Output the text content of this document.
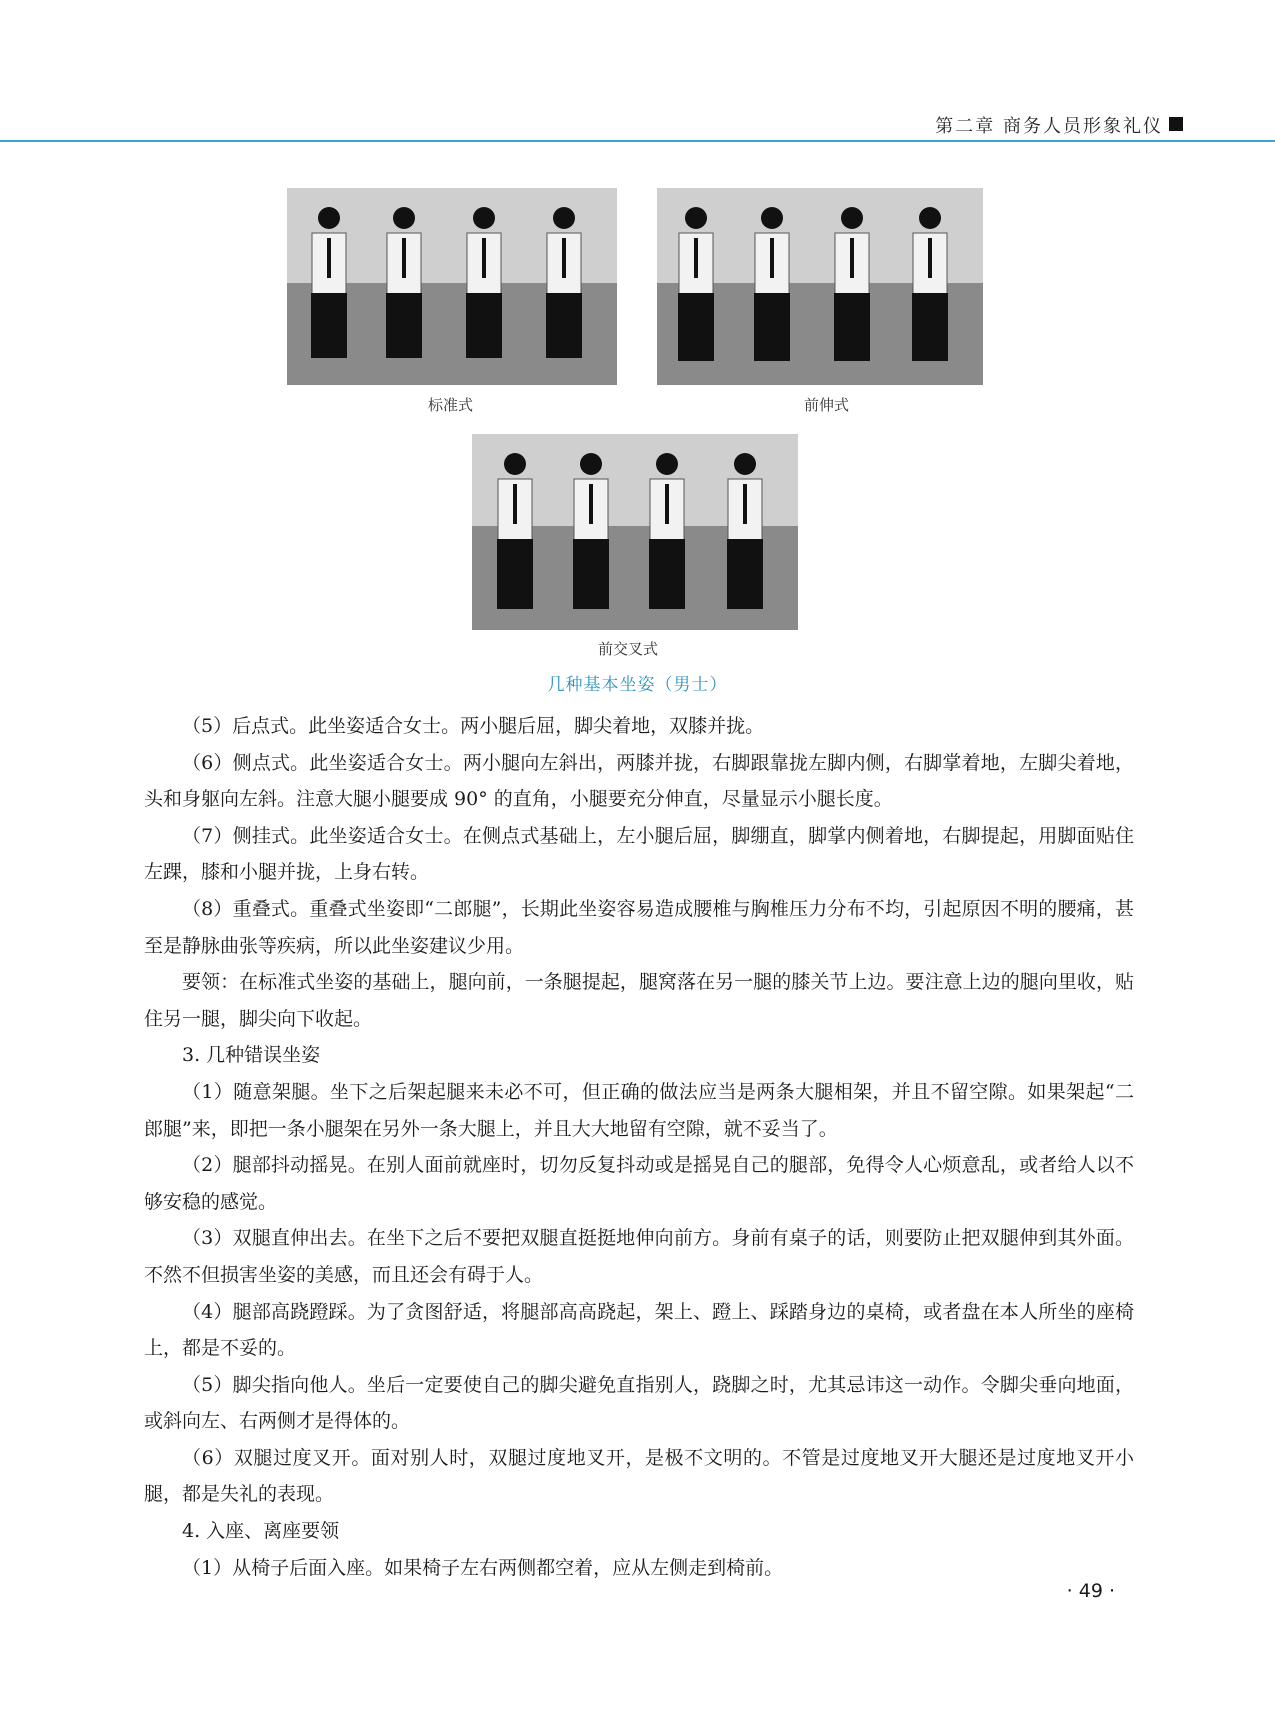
第二章 商务人员形象礼仪
标准式	前伸式
前交叉式
几种基本坐姿（男士）

（5）后点式。此坐姿适合女士。两小腿后屈，脚尖着地，双膝并拢。

（6）侧点式。此坐姿适合女士。两小腿向左斜出，两膝并拢，右脚跟靠拢左脚内侧，右脚掌着地，左脚尖着地，头和身躯向左斜。注意大腿小腿要成 90° 的直角，小腿要充分伸直，尽量显示小腿长度。

（7）侧挂式。此坐姿适合女士。在侧点式基础上，左小腿后屈，脚绷直，脚掌内侧着地，右脚提起，用脚面贴住左踝，膝和小腿并拢，上身右转。

（8）重叠式。重叠式坐姿即“二郎腿”，长期此坐姿容易造成腰椎与胸椎压力分布不均，引起原因不明的腰痛，甚至是静脉曲张等疾病，所以此坐姿建议少用。

要领：在标准式坐姿的基础上，腿向前，一条腿提起，腿窝落在另一腿的膝关节上边。要注意上边的腿向里收，贴住另一腿，脚尖向下收起。

3. 几种错误坐姿

（1）随意架腿。坐下之后架起腿来未必不可，但正确的做法应当是两条大腿相架，并且不留空隙。如果架起“二郎腿”来，即把一条小腿架在另外一条大腿上，并且大大地留有空隙，就不妥当了。

（2）腿部抖动摇晃。在别人面前就座时，切勿反复抖动或是摇晃自己的腿部，免得令人心烦意乱，或者给人以不够安稳的感觉。

（3）双腿直伸出去。在坐下之后不要把双腿直挺挺地伸向前方。身前有桌子的话，则要防止把双腿伸到其外面。不然不但损害坐姿的美感，而且还会有碍于人。

（4）腿部高跷蹬踩。为了贪图舒适，将腿部高高跷起，架上、蹬上、踩踏身边的桌椅，或者盘在本人所坐的座椅上，都是不妥的。

（5）脚尖指向他人。坐后一定要使自己的脚尖避免直指别人，跷脚之时，尤其忌讳这一动作。令脚尖垂向地面，或斜向左、右两侧才是得体的。

（6）双腿过度叉开。面对别人时，双腿过度地叉开，是极不文明的。不管是过度地叉开大腿还是过度地叉开小腿，都是失礼的表现。

4. 入座、离座要领

（1）从椅子后面入座。如果椅子左右两侧都空着，应从左侧走到椅前。

· 49 ·
